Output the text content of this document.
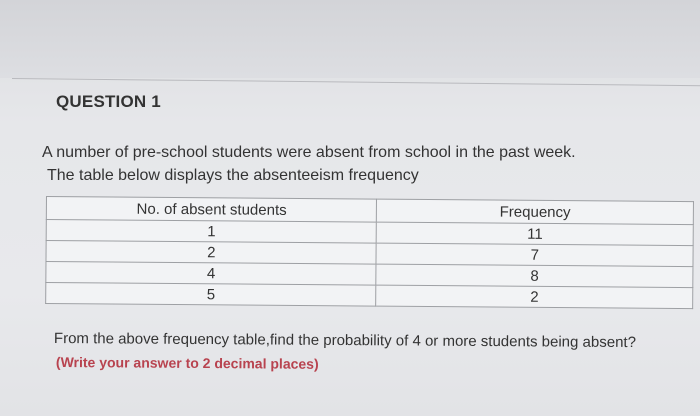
QUESTION 1
A number of pre-school students were absent from school in the past week.
The table below displays the absenteeism frequency
No. of absent students	Frequency
1	11
2	7
4	8
5	2
From the above frequency table,find the probability of 4 or more students being absent?
(Write your answer to 2 decimal places)
